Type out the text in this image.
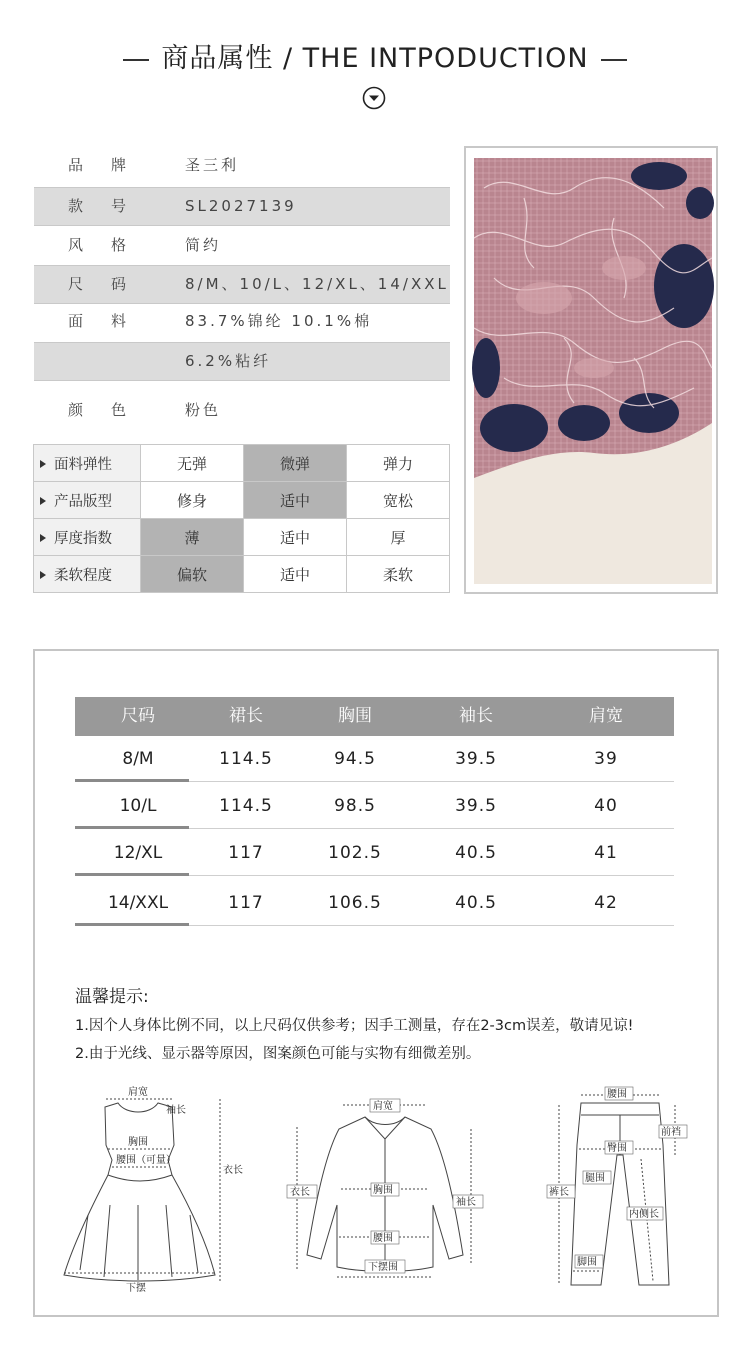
商品属性 / THE INTPODUCTION
品牌 圣三利
款号 SL2027139
风格 简约
尺码 8/M、10/L、12/XL、14/XXL
面料 83.7%锦纶 10.1%棉
6.2%粘纤
颜色 粉色
面料弹性	无弹	微弹	弹力
产品版型	修身	适中	宽松
厚度指数	薄	适中	厚
柔软程度	偏软	适中	柔软
尺码	裙长	胸围	袖长	肩宽
8/M	114.5	94.5	39.5	39
10/L	114.5	98.5	39.5	40
12/XL	117	102.5	40.5	41
14/XXL	117	106.5	40.5	42
温馨提示:
1.因个人身体比例不同，以上尺码仅供参考；因手工测量，存在2-3cm误差，敬请见谅!
2.由于光线、显示器等原因，图案颜色可能与实物有细微差别。
肩宽
袖长
胸围
腰围（可量）
衣长
下摆
肩宽
衣长	胸围
袖长
腰围
下摆围
腰围
前裆
臀围
腿围
裤长
内侧长
脚围
